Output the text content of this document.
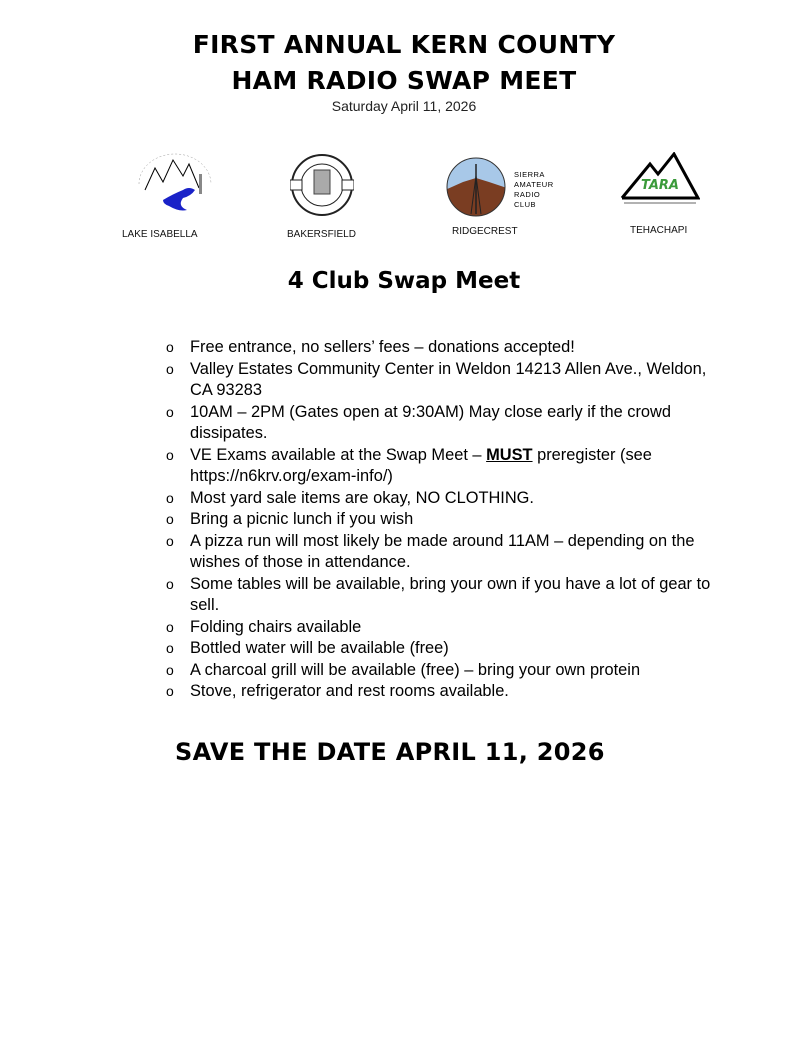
FIRST ANNUAL KERN COUNTY
HAM RADIO SWAP MEET
Saturday April 11, 2026
LAKE ISABELLA	BAKERSFIELD
SIERRA
AMATEUR
RADIO
CLUB
RIDGECREST
TARA
TEHACHAPI
4 Club Swap Meet
o Free entrance, no sellers’ fees – donations accepted!
o Valley Estates Community Center in Weldon 14213 Allen Ave., Weldon, CA 93283
o 10AM – 2PM (Gates open at 9:30AM) May close early if the crowd dissipates.
o VE Exams available at the Swap Meet – MUST preregister (see https://n6krv.org/exam-info/)
o Most yard sale items are okay, NO CLOTHING.
o Bring a picnic lunch if you wish
o A pizza run will most likely be made around 11AM – depending on the wishes of those in attendance.
o Some tables will be available, bring your own if you have a lot of gear to sell.
o Folding chairs available
o Bottled water will be available (free)
o A charcoal grill will be available (free) – bring your own protein
o Stove, refrigerator and rest rooms available.
SAVE THE DATE APRIL 11, 2026
